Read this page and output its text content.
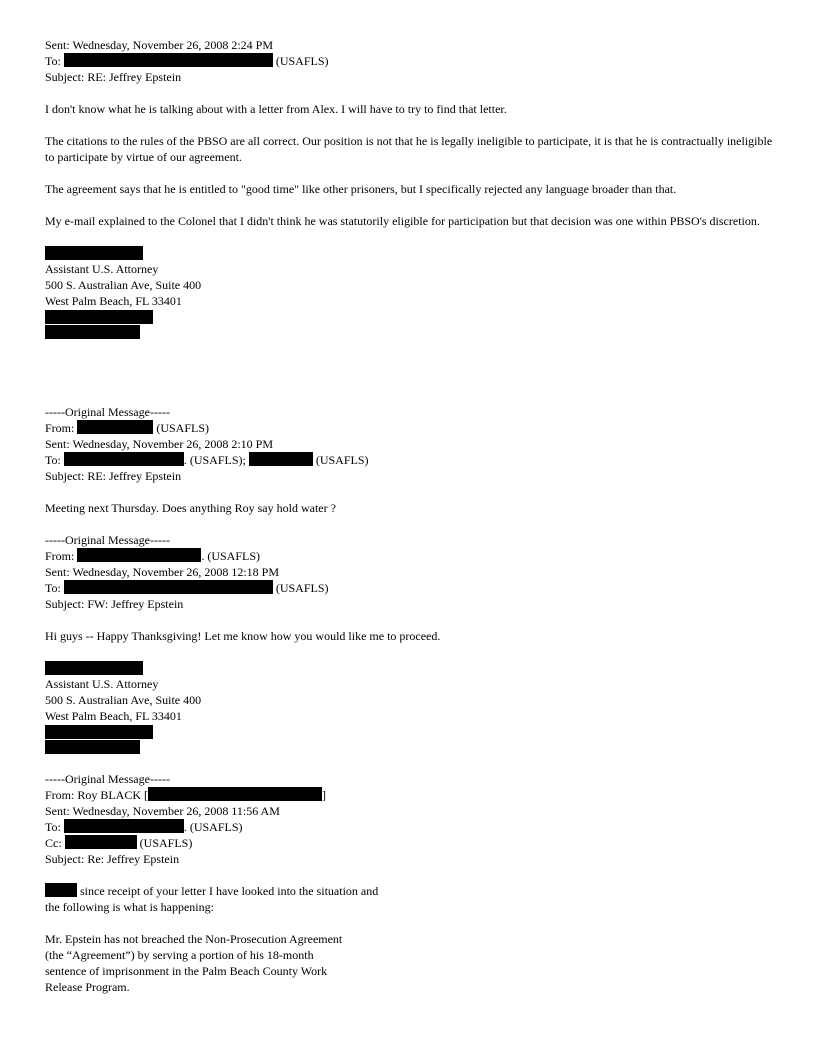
Sent: Wednesday, November 26, 2008 2:24 PM
To:	(USAFLS)
Subject: RE: Jeffrey Epstein

I don't know what he is talking about with a letter from Alex. I will have to try to find that letter.

The citations to the rules of the PBSO are all correct. Our position is not that he is legally ineligible to participate, it is that he is contractually ineligible to participate by virtue of our agreement.

The agreement says that he is entitled to "good time" like other prisoners, but I specifically rejected any language broader than that.

My e-mail explained to the Colonel that I didn't think he was statutorily eligible for participation but that decision was one within PBSO's discretion.

Assistant U.S. Attorney
500 S. Australian Ave, Suite 400
West Palm Beach, FL 33401
-----Original Message-----
From:	(USAFLS)
Sent: Wednesday, November 26, 2008 2:10 PM
To:	. (USAFLS);	(USAFLS)
Subject: RE: Jeffrey Epstein

Meeting next Thursday. Does anything Roy say hold water ?

-----Original Message-----
From:	. (USAFLS)
Sent: Wednesday, November 26, 2008 12:18 PM
To:	(USAFLS)
Subject: FW: Jeffrey Epstein

Hi guys -- Happy Thanksgiving! Let me know how you would like me to proceed.

Assistant U.S. Attorney
500 S. Australian Ave, Suite 400
West Palm Beach, FL 33401
-----Original Message-----
From: Roy BLACK [	]
Sent: Wednesday, November 26, 2008 11:56 AM
To:	. (USAFLS)
Cc:	(USAFLS)
Subject: Re: Jeffrey Epstein
since receipt of your letter I have looked into the situation and
the following is what is happening:
Mr. Epstein has not breached the Non-Prosecution Agreement
(the “Agreement”) by serving a portion of his 18-month
sentence of imprisonment in the Palm Beach County Work
Release Program.
